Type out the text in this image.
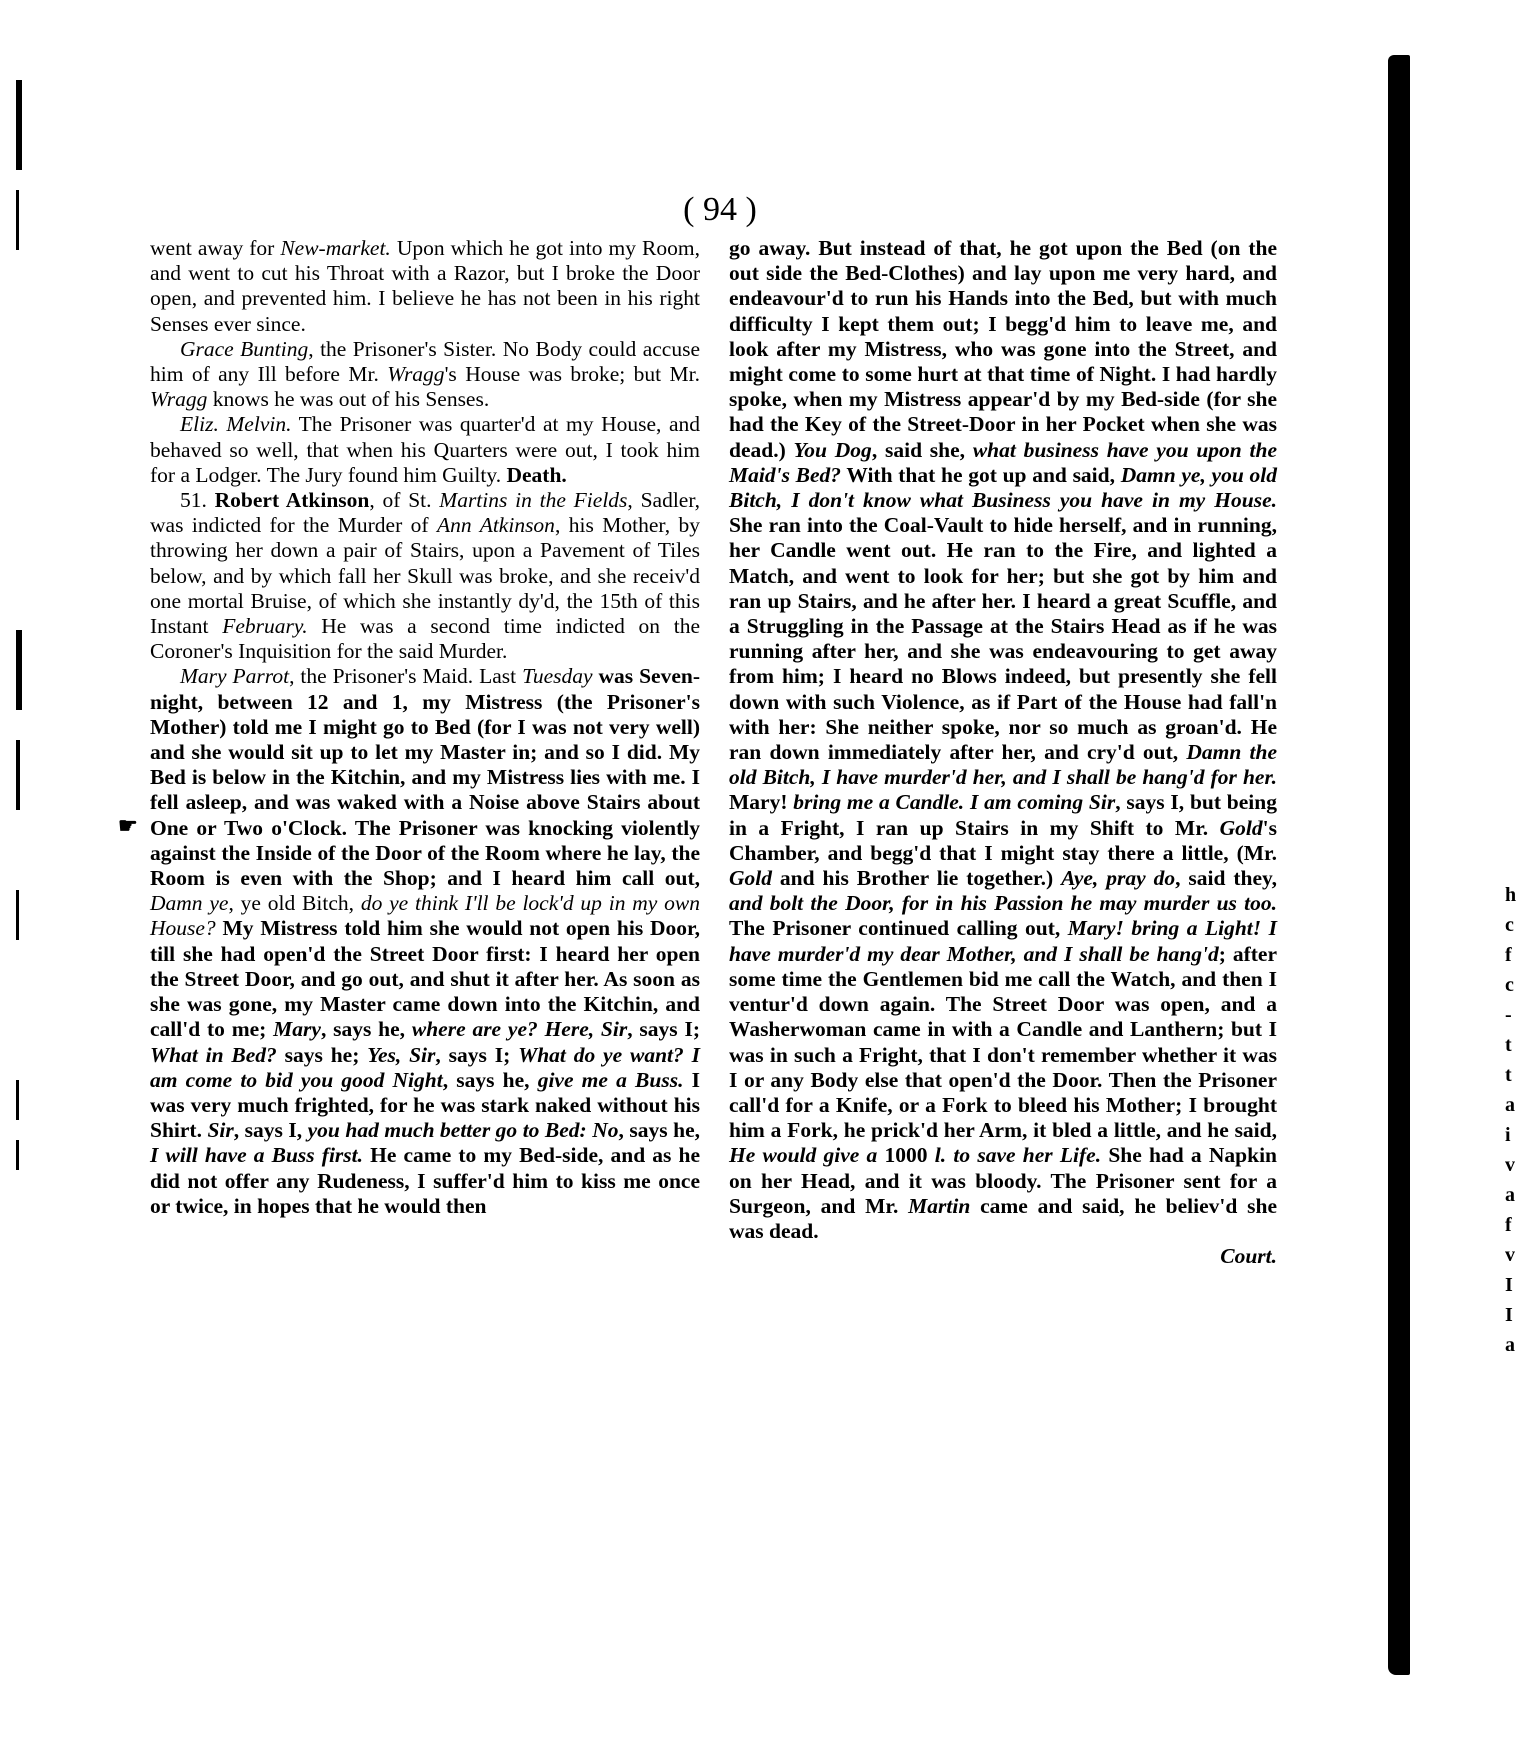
( 94 )

went away for New-market. Upon which he got into my Room, and went to cut his Throat with a Razor, but I broke the Door open, and prevented him. I believe he has not been in his right Senses ever since.

Grace Bunting, the Prisoner's Sister. No Body could accuse him of any Ill before Mr. Wragg's House was broke; but Mr. Wragg knows he was out of his Senses.

Eliz. Melvin. The Prisoner was quarter'd at my House, and behaved so well, that when his Quarters were out, I took him for a Lodger. The Jury found him Guilty. Death.

51. Robert Atkinson, of St. Martins in the Fields, Sadler, was indicted for the Murder of Ann Atkinson, his Mother, by throwing her down a pair of Stairs, upon a Pavement of Tiles below, and by which fall her Skull was broke, and she receiv'd one mortal Bruise, of which she instantly dy'd, the 15th of this Instant February. He was a second time indicted on the Coroner's Inquisition for the said Murder.

Mary Parrot, the Prisoner's Maid. Last Tuesday was Seven-night, between 12 and 1, my Mistress (the Prisoner's Mother) told me I might go to Bed (for I was not very well) and she would sit up to let my Master in; and so I did. My Bed is below in the Kitchin, and my Mistress lies with me. I fell asleep, and was waked with a Noise above Stairs about One or Two o'Clock. The Prisoner was knocking violently against the Inside of the Door of the Room where he lay, the Room is even with the Shop; and I heard him call out, Damn ye, ye old Bitch, do ye think I'll be lock'd up in my own House? My Mistress told him she would not open his Door, till she had open'd the Street Door first: I heard her open the Street Door, and go out, and shut it after her. As soon as she was gone, my Master came down into the Kitchin, and call'd to me; Mary, says he, where are ye? Here, Sir, says I; What in Bed? says he; Yes, Sir, says I; What do ye want? I am come to bid you good Night, says he, give me a Buss. I was very much frighted, for he was stark naked without his Shirt. Sir, says I, you had much better go to Bed: No, says he, I will have a Buss first. He came to my Bed-side, and as he did not offer any Rudeness, I suffer'd him to kiss me once or twice, in hopes that he would then

go away. But instead of that, he got upon the Bed (on the out side the Bed-Clothes) and lay upon me very hard, and endeavour'd to run his Hands into the Bed, but with much difficulty I kept them out; I begg'd him to leave me, and look after my Mistress, who was gone into the Street, and might come to some hurt at that time of Night. I had hardly spoke, when my Mistress appear'd by my Bed-side (for she had the Key of the Street-Door in her Pocket when she was dead.) You Dog, said she, what business have you upon the Maid's Bed? With that he got up and said, Damn ye, you old Bitch, I don't know what Business you have in my House. She ran into the Coal-Vault to hide herself, and in running, her Candle went out. He ran to the Fire, and lighted a Match, and went to look for her; but she got by him and ran up Stairs, and he after her. I heard a great Scuffle, and a Struggling in the Passage at the Stairs Head as if he was running after her, and she was endeavouring to get away from him; I heard no Blows indeed, but presently she fell down with such Violence, as if Part of the House had fall'n with her: She neither spoke, nor so much as groan'd. He ran down immediately after her, and cry'd out, Damn the old Bitch, I have murder'd her, and I shall be hang'd for her. Mary! bring me a Candle. I am coming Sir, says I, but being in a Fright, I ran up Stairs in my Shift to Mr. Gold's Chamber, and begg'd that I might stay there a little, (Mr. Gold and his Brother lie together.) Aye, pray do, said they, and bolt the Door, for in his Passion he may murder us too. The Prisoner continued calling out, Mary! bring a Light! I have murder'd my dear Mother, and I shall be hang'd; after some time the Gentlemen bid me call the Watch, and then I ventur'd down again. The Street Door was open, and a Washerwoman came in with a Candle and Lanthern; but I was in such a Fright, that I don't remember whether it was I or any Body else that open'd the Door. Then the Prisoner call'd for a Knife, or a Fork to bleed his Mother; I brought him a Fork, he prick'd her Arm, it bled a little, and he said, He would give a 1000 l. to save her Life. She had a Napkin on her Head, and it was bloody. The Prisoner sent for a Surgeon, and Mr. Martin came and said, he believ'd she was dead.

Court.

☛
h
c
f
c
-
t
t
a
i
v
a
f
v
I
I
a
